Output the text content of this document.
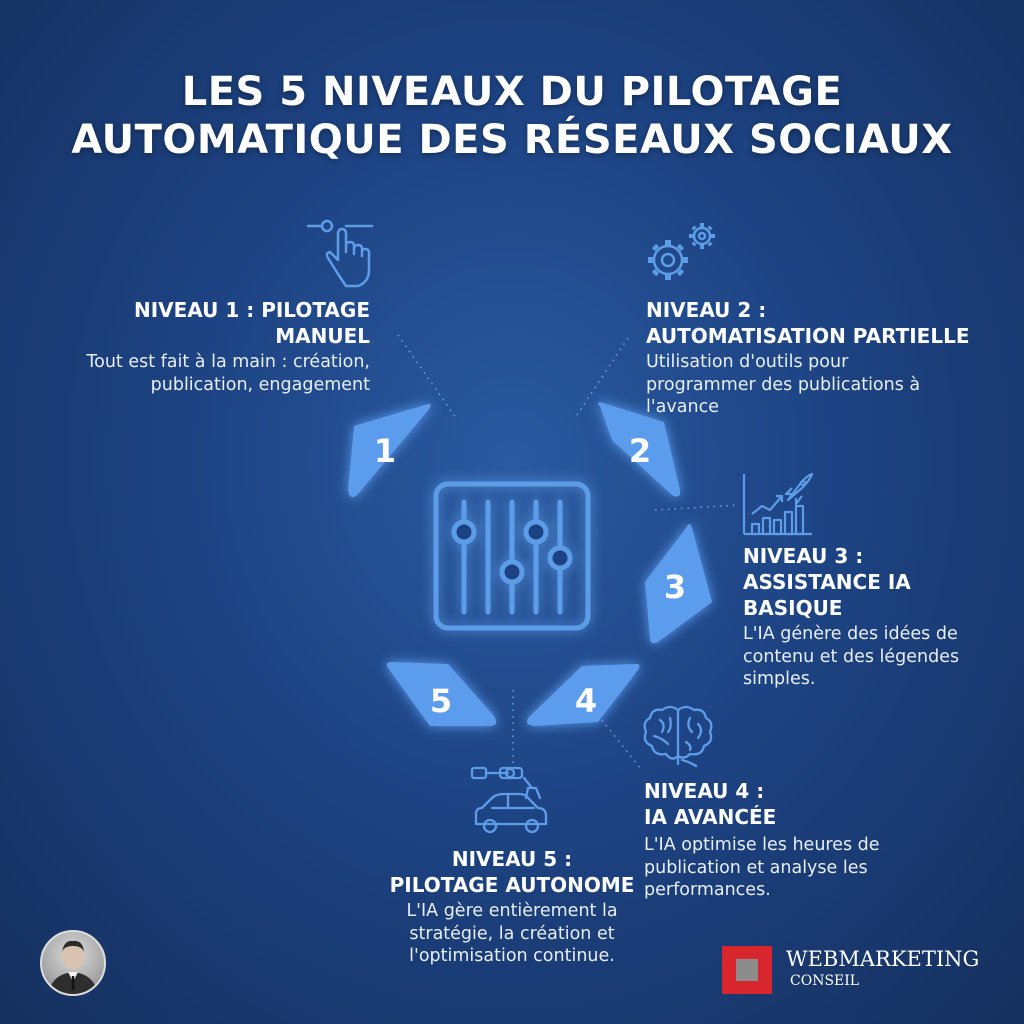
LES 5 NIVEAUX DU PILOTAGE
AUTOMATIQUE DES RÉSEAUX SOCIAUX
1	2
3
4
5
NIVEAU 1 : PILOTAGE
MANUEL
Tout est fait à la main : création,
publication, engagement
NIVEAU 2 :
AUTOMATISATION PARTIELLE
Utilisation d'outils pour
programmer des publications à
l'avance
NIVEAU 3 :
ASSISTANCE IA
BASIQUE
L'IA génère des idées de
contenu et des légendes
simples.
NIVEAU 4 :
IA AVANCÉE
L'IA optimise les heures de
publication et analyse les
performances.
NIVEAU 5 :
PILOTAGE AUTONOME
L'IA gère entièrement la
stratégie, la création et
l'optimisation continue.	WEBMARKETING
CONSEIL
